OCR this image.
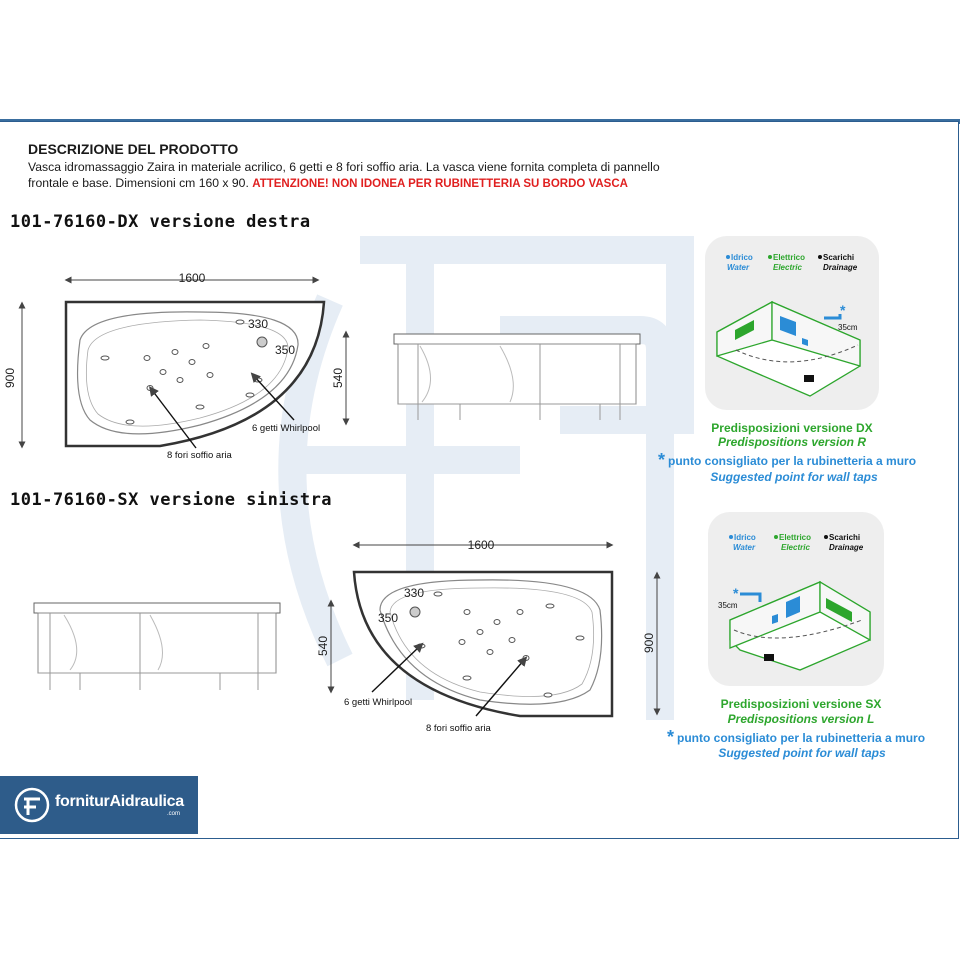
DESCRIZIONE DEL PRODOTTO
Vasca idromassaggio Zaira in materiale acrilico, 6 getti e 8 fori soffio aria. La vasca viene fornita completa di pannello frontale e base. Dimensioni cm 160 x 90. ATTENZIONE! NON IDONEA PER RUBINETTERIA SU BORDO VASCA
101-76160-DX versione destra
101-76160-SX versione sinistra
1600
900
330
350
6 getti Whirlpool
8 fori soffio aria
540
1600
900
330
350
6 getti Whirlpool
8 fori soffio aria
540
Idrico
Water
Elettrico
Electric
Scarichi
Drainage
*
35cm
Predisposizioni versione DX
Predispositions version R
* punto consigliato per la rubinetteria a muro
Suggested point for wall taps
Idrico
Water
Elettrico
Electric
Scarichi
Drainage
*
35cm
Predisposizioni versione SX
Predispositions version L
* punto consigliato per la rubinetteria a muro
Suggested point for wall taps
forniturAidraulica
.com
